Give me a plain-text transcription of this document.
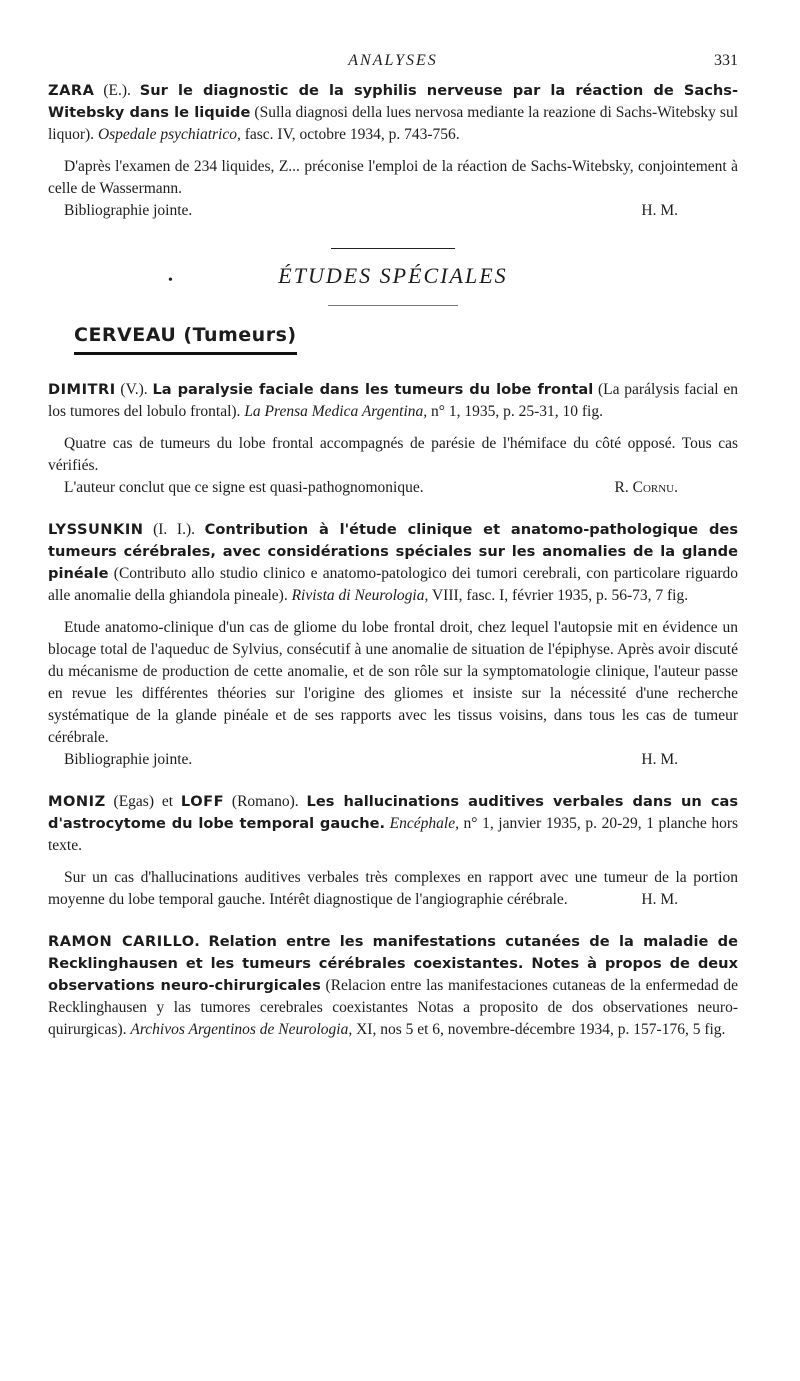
ANALYSES	331

ZARA (E.). Sur le diagnostic de la syphilis nerveuse par la réaction de Sachs-Witebsky dans le liquide (Sulla diagnosi della lues nervosa mediante la reazione di Sachs-Witebsky sul liquor). Ospedale psychiatrico, fasc. IV, octobre 1934, p. 743-756.

D'après l'examen de 234 liquides, Z... préconise l'emploi de la réaction de Sachs-Witebsky, conjointement à celle de Wassermann.

Bibliographie jointe.	H. M.

•	ÉTUDES SPÉCIALES
CERVEAU (Tumeurs)

DIMITRI (V.). La paralysie faciale dans les tumeurs du lobe frontal (La parálysis facial en los tumores del lobulo frontal). La Prensa Medica Argentina, n° 1, 1935, p. 25-31, 10 fig.

Quatre cas de tumeurs du lobe frontal accompagnés de parésie de l'hémiface du côté opposé. Tous cas vérifiés.

L'auteur conclut que ce signe est quasi-pathognomonique.	R. Cornu.

LYSSUNKIN (I. I.). Contribution à l'étude clinique et anatomo-pathologique des tumeurs cérébrales, avec considérations spéciales sur les anomalies de la glande pinéale (Contributo allo studio clinico e anatomo-patologico dei tumori cerebrali, con particolare riguardo alle anomalie della ghiandola pineale). Rivista di Neurologia, VIII, fasc. I, février 1935, p. 56-73, 7 fig.

Etude anatomo-clinique d'un cas de gliome du lobe frontal droit, chez lequel l'autopsie mit en évidence un blocage total de l'aqueduc de Sylvius, consécutif à une anomalie de situation de l'épiphyse. Après avoir discuté du mécanisme de production de cette anomalie, et de son rôle sur la symptomatologie clinique, l'auteur passe en revue les différentes théories sur l'origine des gliomes et insiste sur la nécessité d'une recherche systématique de la glande pinéale et de ses rapports avec les tissus voisins, dans tous les cas de tumeur cérébrale.

Bibliographie jointe.	H. M.

MONIZ (Egas) et LOFF (Romano). Les hallucinations auditives verbales dans un cas d'astrocytome du lobe temporal gauche. Encéphale, n° 1, janvier 1935, p. 20-29, 1 planche hors texte.

Sur un cas d'hallucinations auditives verbales très complexes en rapport avec une tumeur de la portion moyenne du lobe temporal gauche. Intérêt diagnostique de l'angiographie cérébrale.	H. M.

RAMON CARILLO. Relation entre les manifestations cutanées de la maladie de Recklinghausen et les tumeurs cérébrales coexistantes. Notes à propos de deux observations neuro-chirurgicales (Relacion entre las manifestaciones cutaneas de la enfermedad de Recklinghausen y las tumores cerebrales coexistantes Notas a proposito de dos observationes neuro-quirurgicas). Archivos Argentinos de Neurologia, XI, nos 5 et 6, novembre-décembre 1934, p. 157-176, 5 fig.
